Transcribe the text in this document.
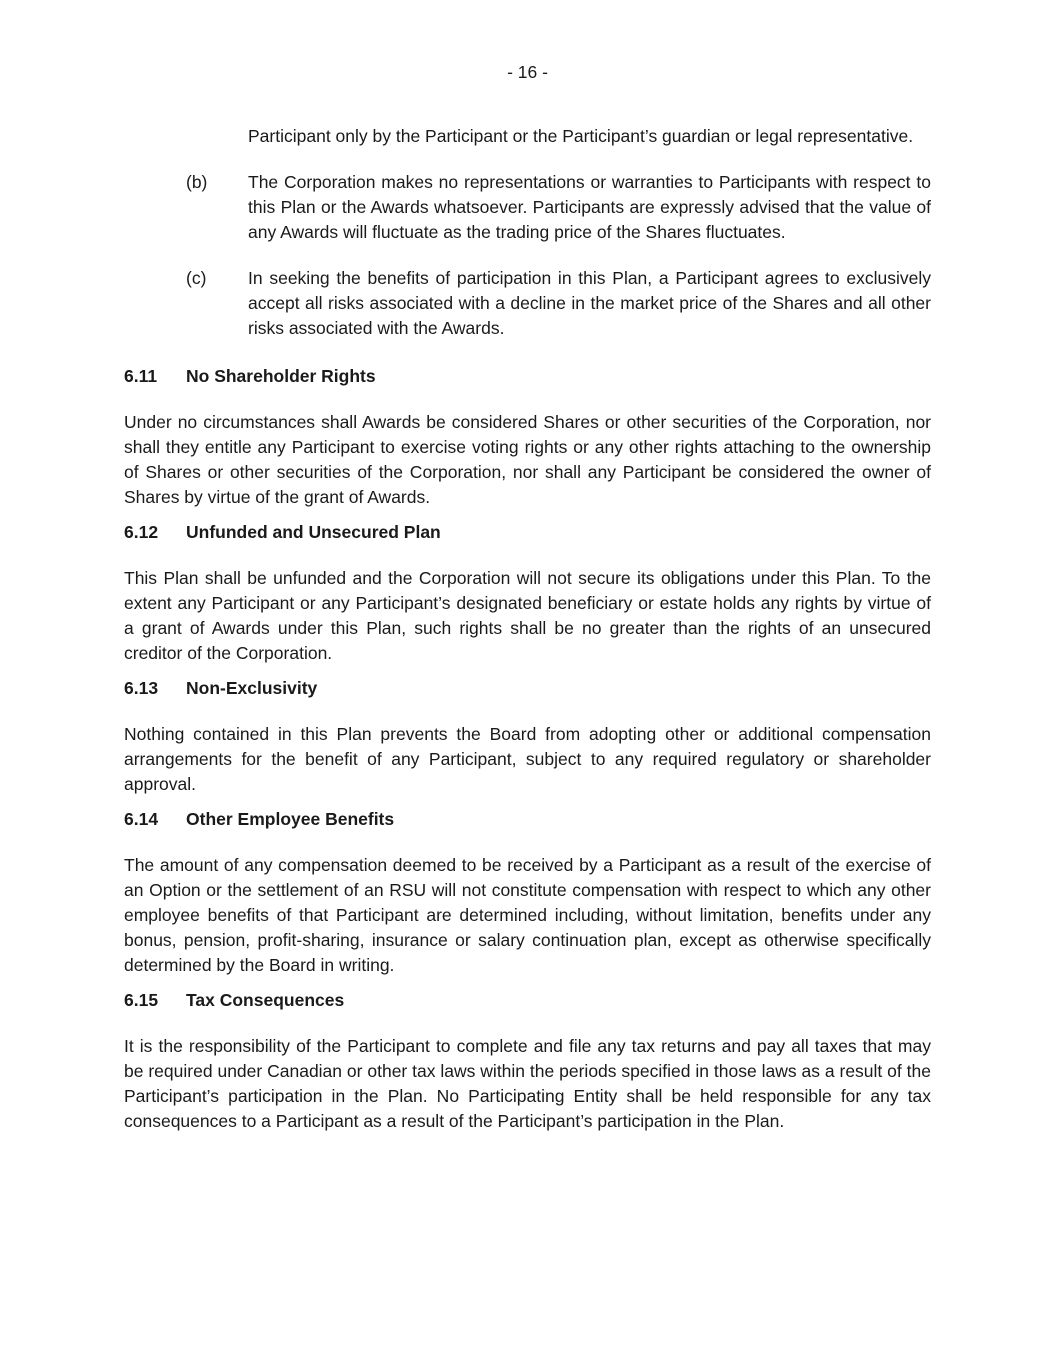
- 16 -

Participant only by the Participant or the Participant’s guardian or legal representative.

(b)	The Corporation makes no representations or warranties to Participants with respect to this Plan or the Awards whatsoever. Participants are expressly advised that the value of any Awards will fluctuate as the trading price of the Shares fluctuates.
(c)	In seeking the benefits of participation in this Plan, a Participant agrees to exclusively accept all risks associated with a decline in the market price of the Shares and all other risks associated with the Awards.
6.11	No Shareholder Rights

Under no circumstances shall Awards be considered Shares or other securities of the Corporation, nor shall they entitle any Participant to exercise voting rights or any other rights attaching to the ownership of Shares or other securities of the Corporation, nor shall any Participant be considered the owner of Shares by virtue of the grant of Awards.

6.12	Unfunded and Unsecured Plan

This Plan shall be unfunded and the Corporation will not secure its obligations under this Plan. To the extent any Participant or any Participant’s designated beneficiary or estate holds any rights by virtue of a grant of Awards under this Plan, such rights shall be no greater than the rights of an unsecured creditor of the Corporation.

6.13	Non-Exclusivity

Nothing contained in this Plan prevents the Board from adopting other or additional compensation arrangements for the benefit of any Participant, subject to any required regulatory or shareholder approval.

6.14	Other Employee Benefits

The amount of any compensation deemed to be received by a Participant as a result of the exercise of an Option or the settlement of an RSU will not constitute compensation with respect to which any other employee benefits of that Participant are determined including, without limitation, benefits under any bonus, pension, profit-sharing, insurance or salary continuation plan, except as otherwise specifically determined by the Board in writing.

6.15	Tax Consequences

It is the responsibility of the Participant to complete and file any tax returns and pay all taxes that may be required under Canadian or other tax laws within the periods specified in those laws as a result of the Participant’s participation in the Plan. No Participating Entity shall be held responsible for any tax consequences to a Participant as a result of the Participant’s participation in the Plan.
